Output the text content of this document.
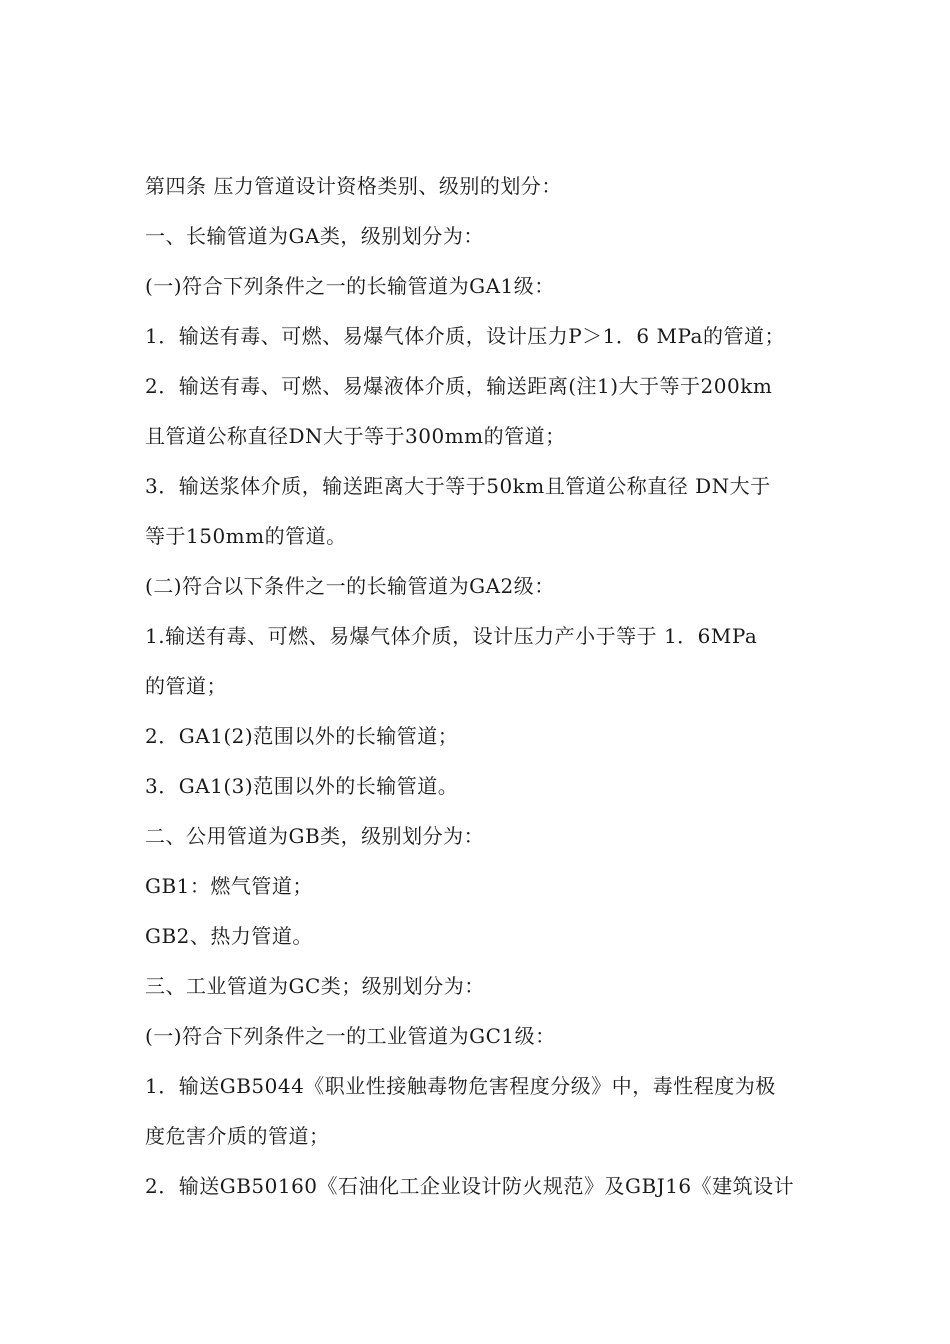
第四条 压力管道设计资格类别、级别的划分：
一、长输管道为GA类，级别划分为：
(一)符合下列条件之一的长输管道为GA1级：
1．输送有毒、可燃、易爆气体介质，设计压力P＞1．6 MPa的管道；
2．输送有毒、可燃、易爆液体介质，输送距离(注1)大于等于200km
且管道公称直径DN大于等于300mm的管道；
3．输送浆体介质，输送距离大于等于50km且管道公称直径 DN大于
等于150mm的管道。
(二)符合以下条件之一的长输管道为GA2级：
1.输送有毒、可燃、易爆气体介质，设计压力产小于等于 1．6MPa
的管道；
2．GA1(2)范围以外的长输管道；
3．GA1(3)范围以外的长输管道。
二、公用管道为GB类，级别划分为：
GB1：燃气管道；
GB2、热力管道。
三、工业管道为GC类；级别划分为：
(一)符合下列条件之一的工业管道为GC1级：
1．输送GB5044《职业性接触毒物危害程度分级》中，毒性程度为极
度危害介质的管道；
2．输送GB50160《石油化工企业设计防火规范》及GBJ16《建筑设计
